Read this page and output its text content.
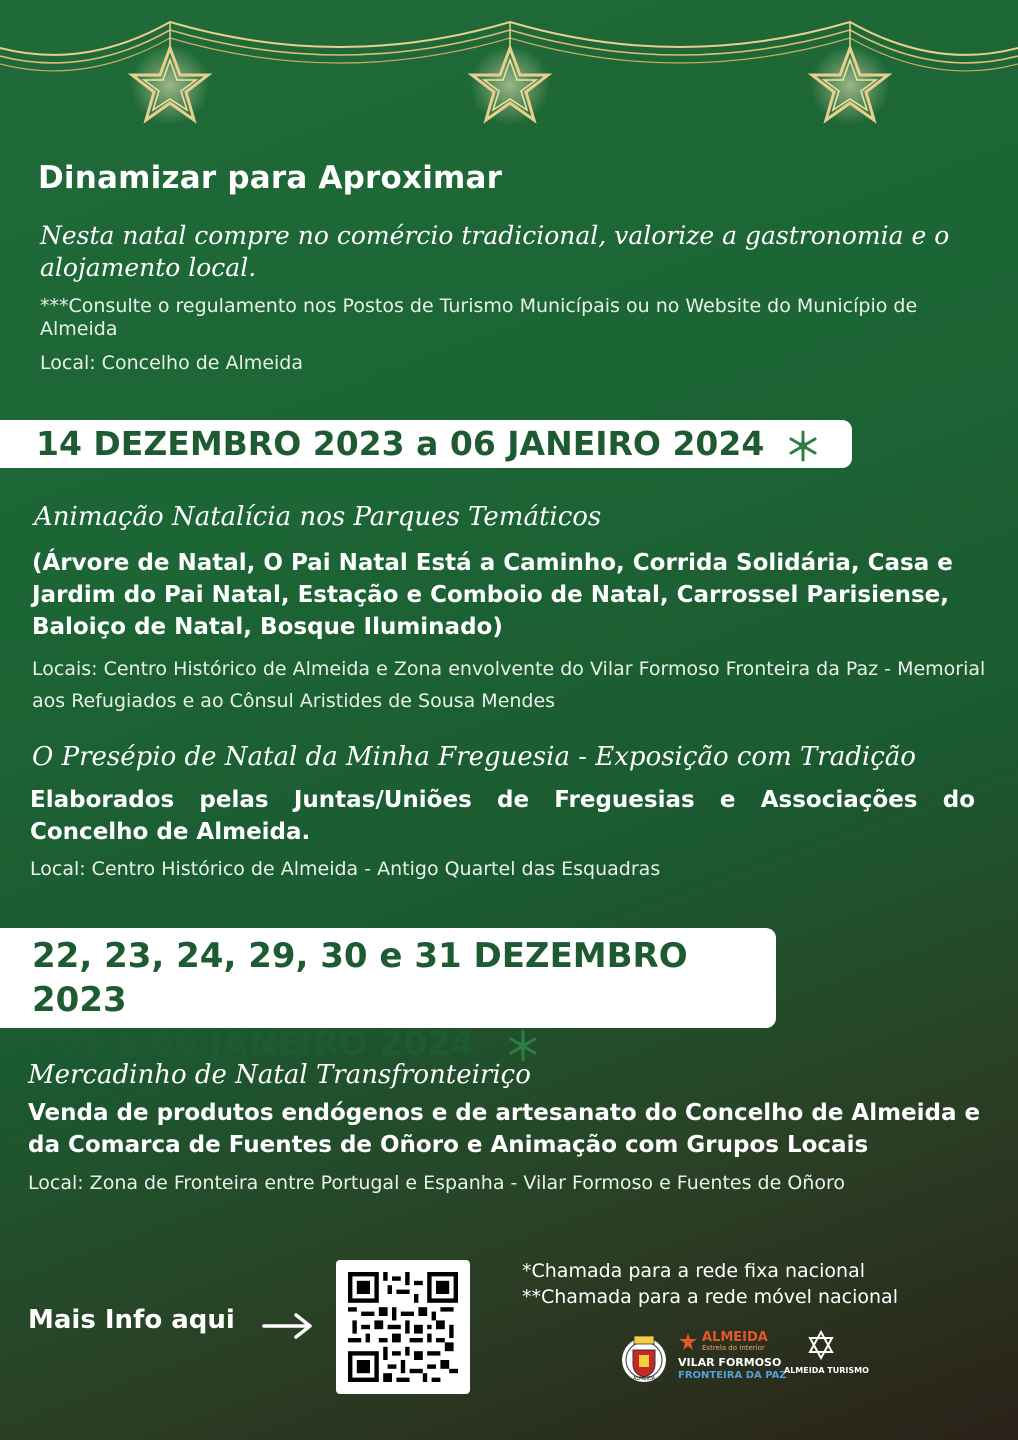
Dinamizar para Aproximar
Nesta natal compre no comércio tradicional, valorize a gastronomia e o alojamento local.
***Consulte o regulamento nos Postos de Turismo Municípais ou no Website do Município de Almeida
Local: Concelho de Almeida
14 DEZEMBRO 2023 a 06 JANEIRO 2024
Animação Natalícia nos Parques Temáticos
(Árvore de Natal, O Pai Natal Está a Caminho, Corrida Solidária, Casa e Jardim do Pai Natal, Estação e Comboio de Natal, Carrossel Parisiense, Baloiço de Natal, Bosque Iluminado)
Locais: Centro Histórico de Almeida e Zona envolvente do Vilar Formoso Fronteira da Paz - Memorial aos Refugiados e ao Cônsul Aristides de Sousa Mendes
O Presépio de Natal da Minha Freguesia - Exposição com Tradição
Elaborados pelas Juntas/Uniões de Freguesias e Associações do Concelho de Almeida.
Local: Centro Histórico de Almeida - Antigo Quartel das Esquadras
22, 23, 24, 29, 30 e 31 DEZEMBRO 2023
| 05 e 06 JANEIRO 2024
Mercadinho de Natal Transfronteiriço
Venda de produtos endógenos e de artesanato do Concelho de Almeida e da Comarca de Fuentes de Oñoro e Animação com Grupos Locais
Local: Zona de Fronteira entre Portugal e Espanha - Vilar Formoso e Fuentes de Oñoro
Mais Info aqui
*Chamada para a rede fixa nacional
**Chamada para a rede móvel nacional
ALMEIDA
ALMEIDA
Estrela do Interior
VILAR FORMOSO
FRONTEIRA DA PAZ
ALMEIDA TURISMO
